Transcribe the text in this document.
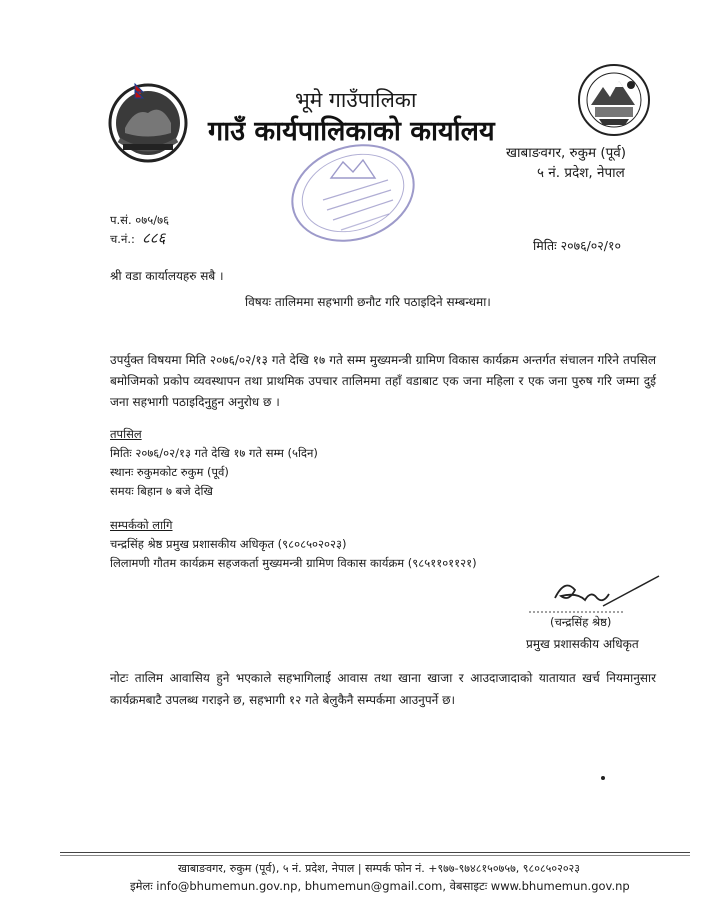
भूमे गाउँपालिका
गाउँ कार्यपालिकाको कार्यालय
खाबाङवगर, रुकुम (पूर्व)
५ नं. प्रदेश, नेपाल
प.सं. ०७५/७६
च.नं.: ८८६	मितिः २०७६/०२/१०
श्री वडा कार्यालयहरु सबै ।
विषयः तालिममा सहभागी छनौट गरि पठाइदिने सम्बन्धमा।
उपर्युक्त विषयमा मिति २०७६/०२/१३ गते देखि १७ गते सम्म मुख्यमन्त्री ग्रामिण विकास कार्यक्रम अन्तर्गत संचालन गरिने तपसिल बमोजिमको प्रकोप व्यवस्थापन तथा प्राथमिक उपचार तालिममा तहाँ वडाबाट एक जना महिला र एक जना पुरुष गरि जम्मा दुई जना सहभागी पठाइदिनुहुन अनुरोध छ ।
तपसिल
मितिः २०७६/०२/१३ गते देखि १७ गते सम्म (५दिन)
स्थानः रुकुमकोट रुकुम (पूर्व)
समयः बिहान ७ बजे देखि
सम्पर्कको लागि
चन्द्रसिंह श्रेष्ठ प्रमुख प्रशासकीय अधिकृत (९८०८५०२०२३)
लिलामणी गौतम कार्यक्रम सहजकर्ता मुख्यमन्त्री ग्रामिण विकास कार्यक्रम (९८५११०११२१)
(चन्द्रसिंह श्रेष्ठ)
प्रमुख प्रशासकीय अधिकृत
नोटः तालिम आवासिय हुने भएकाले सहभागिलाई आवास तथा खाना खाजा र आउदाजादाको यातायात खर्च नियमानुसार कार्यक्रमबाटै उपलब्ध गराइने छ, सहभागी १२ गते बेलुकैनै सम्पर्कमा आउनुपर्ने छ।
खाबाङवगर, रुकुम (पूर्व), ५ नं. प्रदेश, नेपाल | सम्पर्क फोन नं. +९७७-९७४८१५०७५७, ९८०८५०२०२३
इमेलः info@bhumemun.gov.np, bhumemun@gmail.com, वेबसाइटः www.bhumemun.gov.np
